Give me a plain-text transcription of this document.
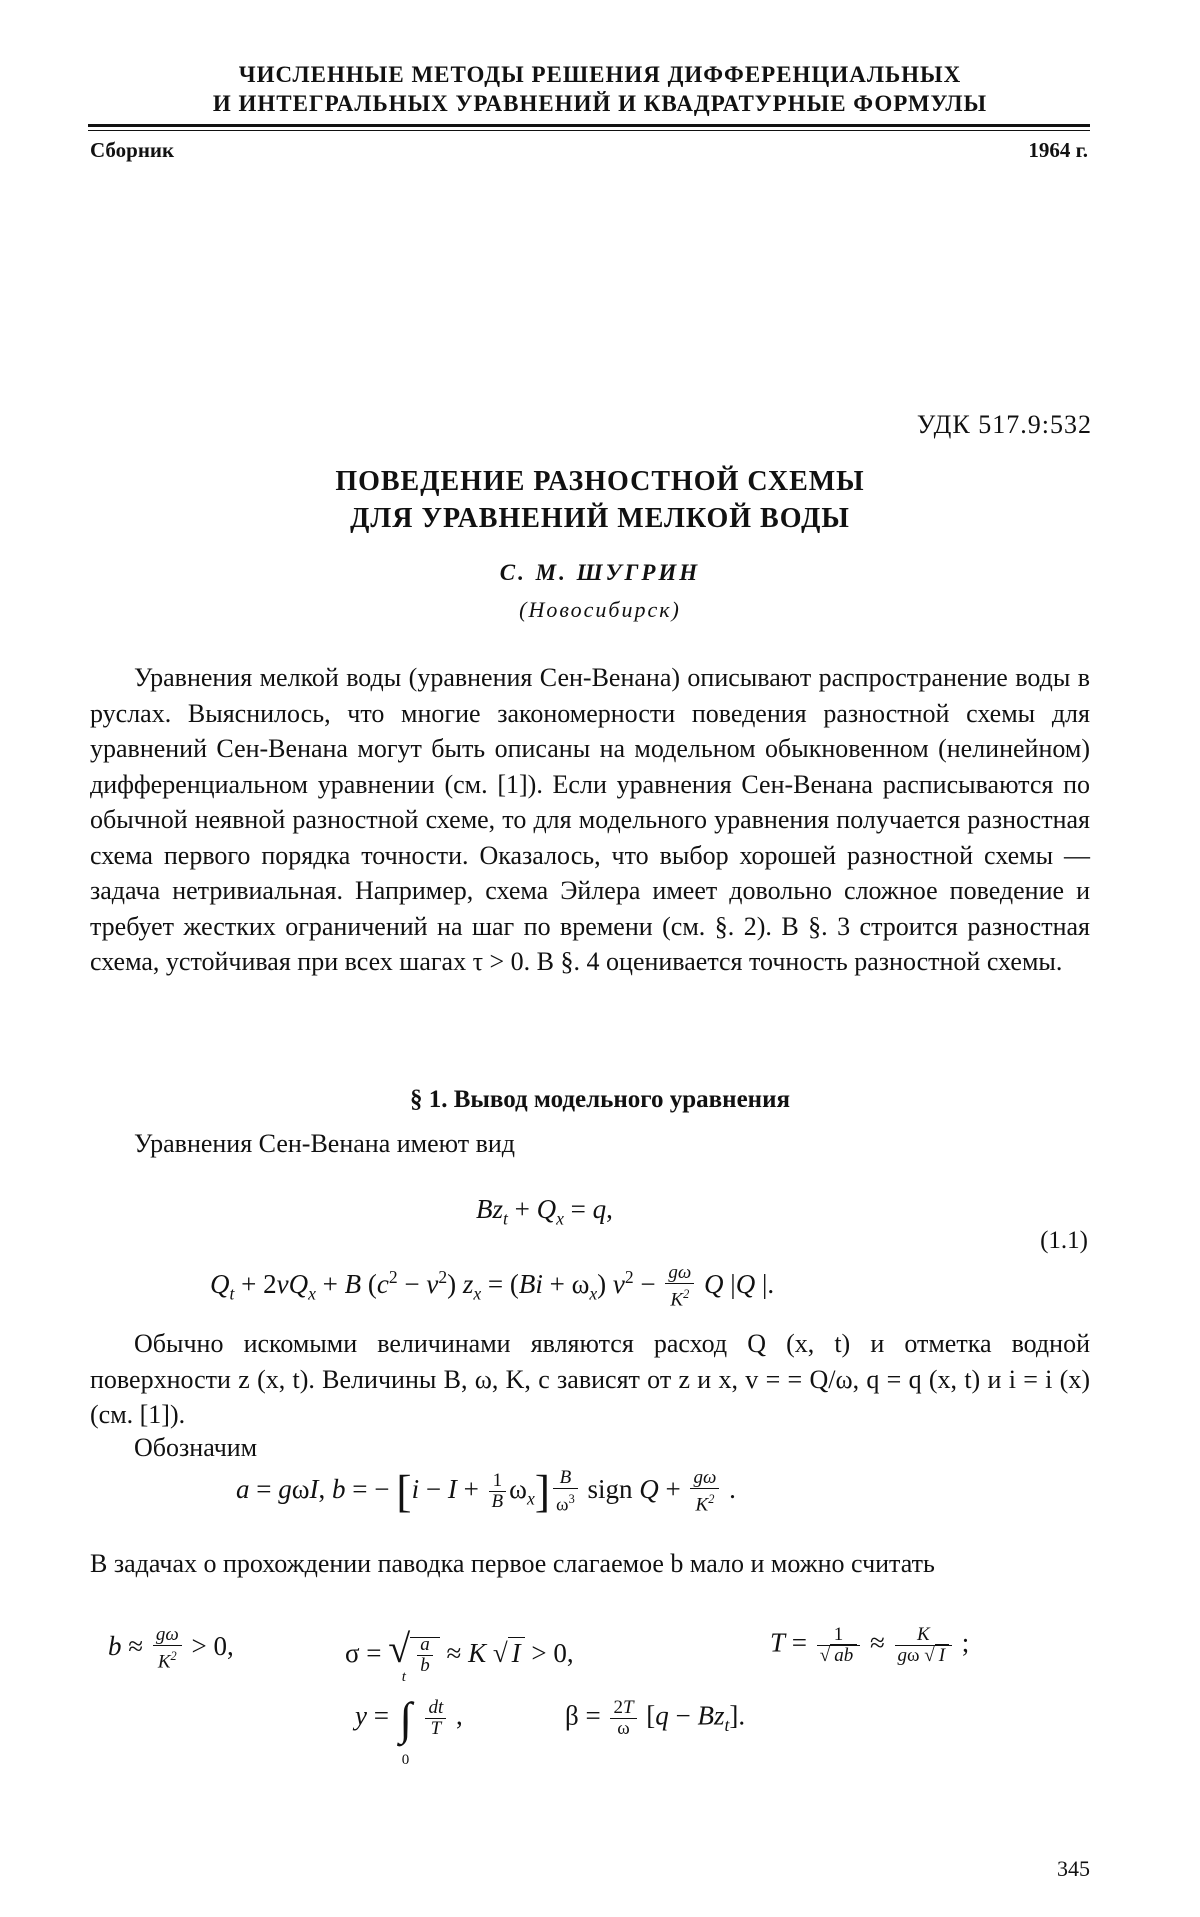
ЧИСЛЕННЫЕ МЕТОДЫ РЕШЕНИЯ ДИФФЕРЕНЦИАЛЬНЫХ
И ИНТЕГРАЛЬНЫХ УРАВНЕНИЙ И КВАДРАТУРНЫЕ ФОРМУЛЫ
Сборник	1964 г.
УДК 517.9:532
ПОВЕДЕНИЕ РАЗНОСТНОЙ СХЕМЫ
ДЛЯ УРАВНЕНИЙ МЕЛКОЙ ВОДЫ
С. М. ШУГРИН
(Новосибирск)
Уравнения мелкой воды (уравнения Сен-Венана) описывают распространение воды в руслах. Выяснилось, что многие закономерности поведения разностной схемы для уравнений Сен-Венана могут быть описаны на модельном обыкновенном (нелинейном) дифференциальном уравнении (см. [1]). Если уравнения Сен-Венана расписываются по обычной неявной разностной схеме, то для модельного уравнения получается разностная схема первого порядка точности. Оказалось, что выбор хорошей разностной схемы — задача нетривиальная. Например, схема Эйлера имеет довольно сложное поведение и требует жестких ограничений на шаг по времени (см. §. 2). В §. 3 строится разностная схема, устойчивая при всех шагах τ > 0. В §. 4 оценивается точность разностной схемы.
§ 1. Вывод модельного уравнения
Уравнения Сен-Венана имеют вид
$Bz_t + Q_x = q$,
$Q_t + 2vQ_x + B$ $(c^2 - v^2) z_x = (Bi + \omega_x) v^2 - \frac{g\omega}{K^2}$ Q |Q |.
(1.1)
Обычно искомыми величинами являются расход Q (x, t) и отметка водной поверхности z (x, t). Величины B, ω, K, c зависят от z и x, v = = Q/ω, q = q (x, t) и i = i (x) (см. [1]).
Обозначим
a = gωI, b = − $[i - I + \frac{1}{B} \omega_x] \frac{B}{\omega^3}$ sign $Q + \frac{g\omega}{K^2}$ .
В задачах о прохождении паводка первое слагаемое b мало и можно считать
$b \approx \frac{g\omega}{K^2} > 0$,	σ = √ $\frac{a}{b} \approx K$ √ I > 0,	$T = \frac{1}{√ ab} \approx \frac{K}{g\omega √ I}$ ;
y =
t
∫
0

$\frac{dt}{T}$ ,	$\beta = \frac{2T}{\omega} [q - Bz_t]$.
345
